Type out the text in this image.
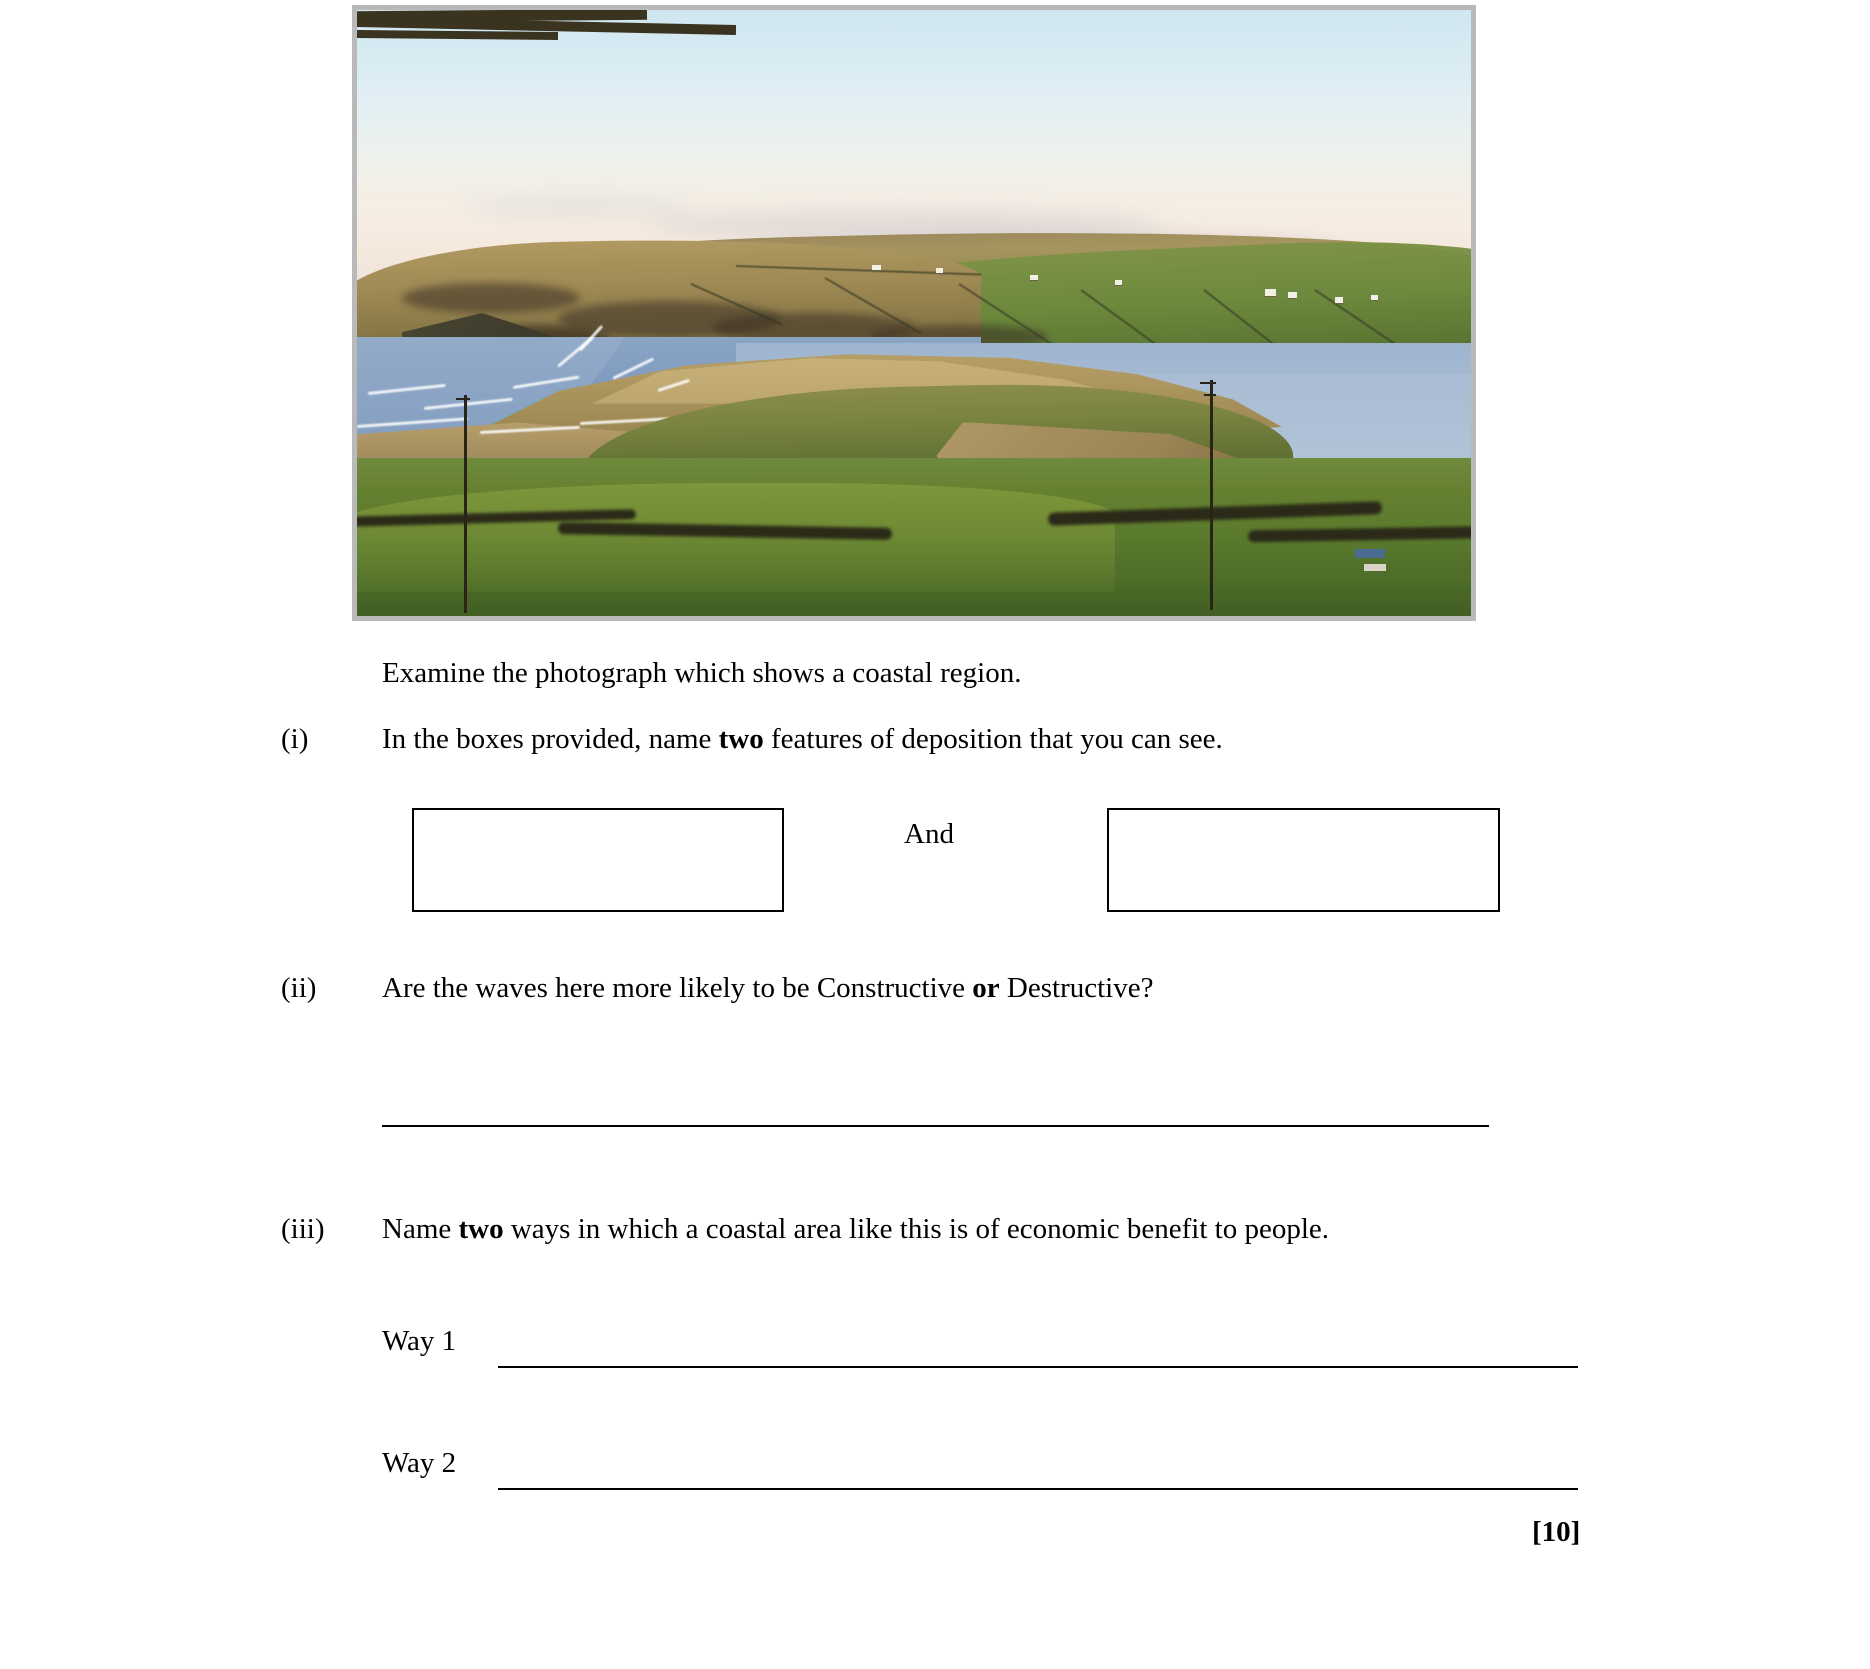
Examine the photograph which shows a coastal region.
(i)	In the boxes provided, name two features of deposition that you can see.
And
(ii) Are the waves here more likely to be Constructive or Destructive?
(iii) Name two ways in which a coastal area like this is of economic benefit to people.
Way 1
Way 2
[10]
